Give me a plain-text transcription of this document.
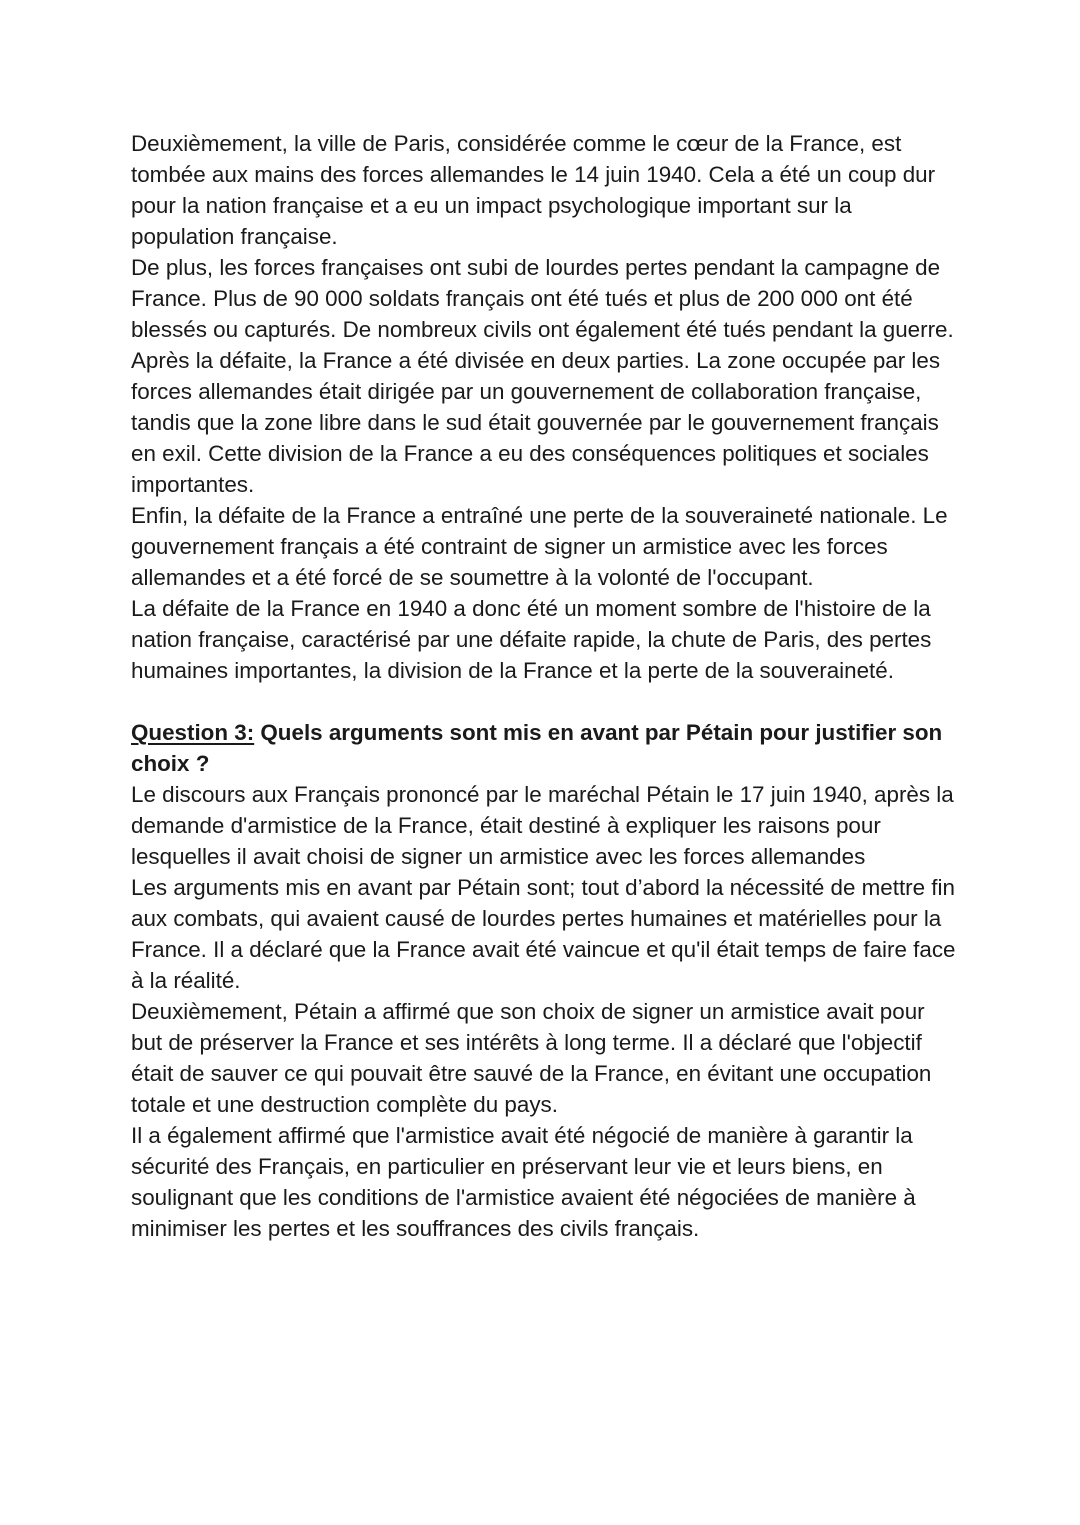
Deuxièmement, la ville de Paris, considérée comme le cœur de la France, est tombée aux mains des forces allemandes le 14 juin 1940. Cela a été un coup dur pour la nation française et a eu un impact psychologique important sur la population française.

De plus, les forces françaises ont subi de lourdes pertes pendant la campagne de France. Plus de 90 000 soldats français ont été tués et plus de 200 000 ont été blessés ou capturés. De nombreux civils ont également été tués pendant la guerre.

Après la défaite, la France a été divisée en deux parties. La zone occupée par les forces allemandes était dirigée par un gouvernement de collaboration française, tandis que la zone libre dans le sud était gouvernée par le gouvernement français en exil. Cette division de la France a eu des conséquences politiques et sociales importantes.

Enfin, la défaite de la France a entraîné une perte de la souveraineté nationale. Le gouvernement français a été contraint de signer un armistice avec les forces allemandes et a été forcé de se soumettre à la volonté de l'occupant.

La défaite de la France en 1940 a donc été un moment sombre de l'histoire de la nation française, caractérisé par une défaite rapide, la chute de Paris, des pertes humaines importantes, la division de la France et la perte de la souveraineté.

Question 3: Quels arguments sont mis en avant par Pétain pour justifier son choix ?

Le discours aux Français prononcé par le maréchal Pétain le 17 juin 1940, après la demande d'armistice de la France, était destiné à expliquer les raisons pour lesquelles il avait choisi de signer un armistice avec les forces allemandes

Les arguments mis en avant par Pétain sont; tout d’abord la nécessité de mettre fin aux combats, qui avaient causé de lourdes pertes humaines et matérielles pour la France. Il a déclaré que la France avait été vaincue et qu'il était temps de faire face à la réalité.

Deuxièmement, Pétain a affirmé que son choix de signer un armistice avait pour but de préserver la France et ses intérêts à long terme. Il a déclaré que l'objectif était de sauver ce qui pouvait être sauvé de la France, en évitant une occupation totale et une destruction complète du pays.

Il a également affirmé que l'armistice avait été négocié de manière à garantir la sécurité des Français, en particulier en préservant leur vie et leurs biens, en soulignant que les conditions de l'armistice avaient été négociées de manière à minimiser les pertes et les souffrances des civils français.
